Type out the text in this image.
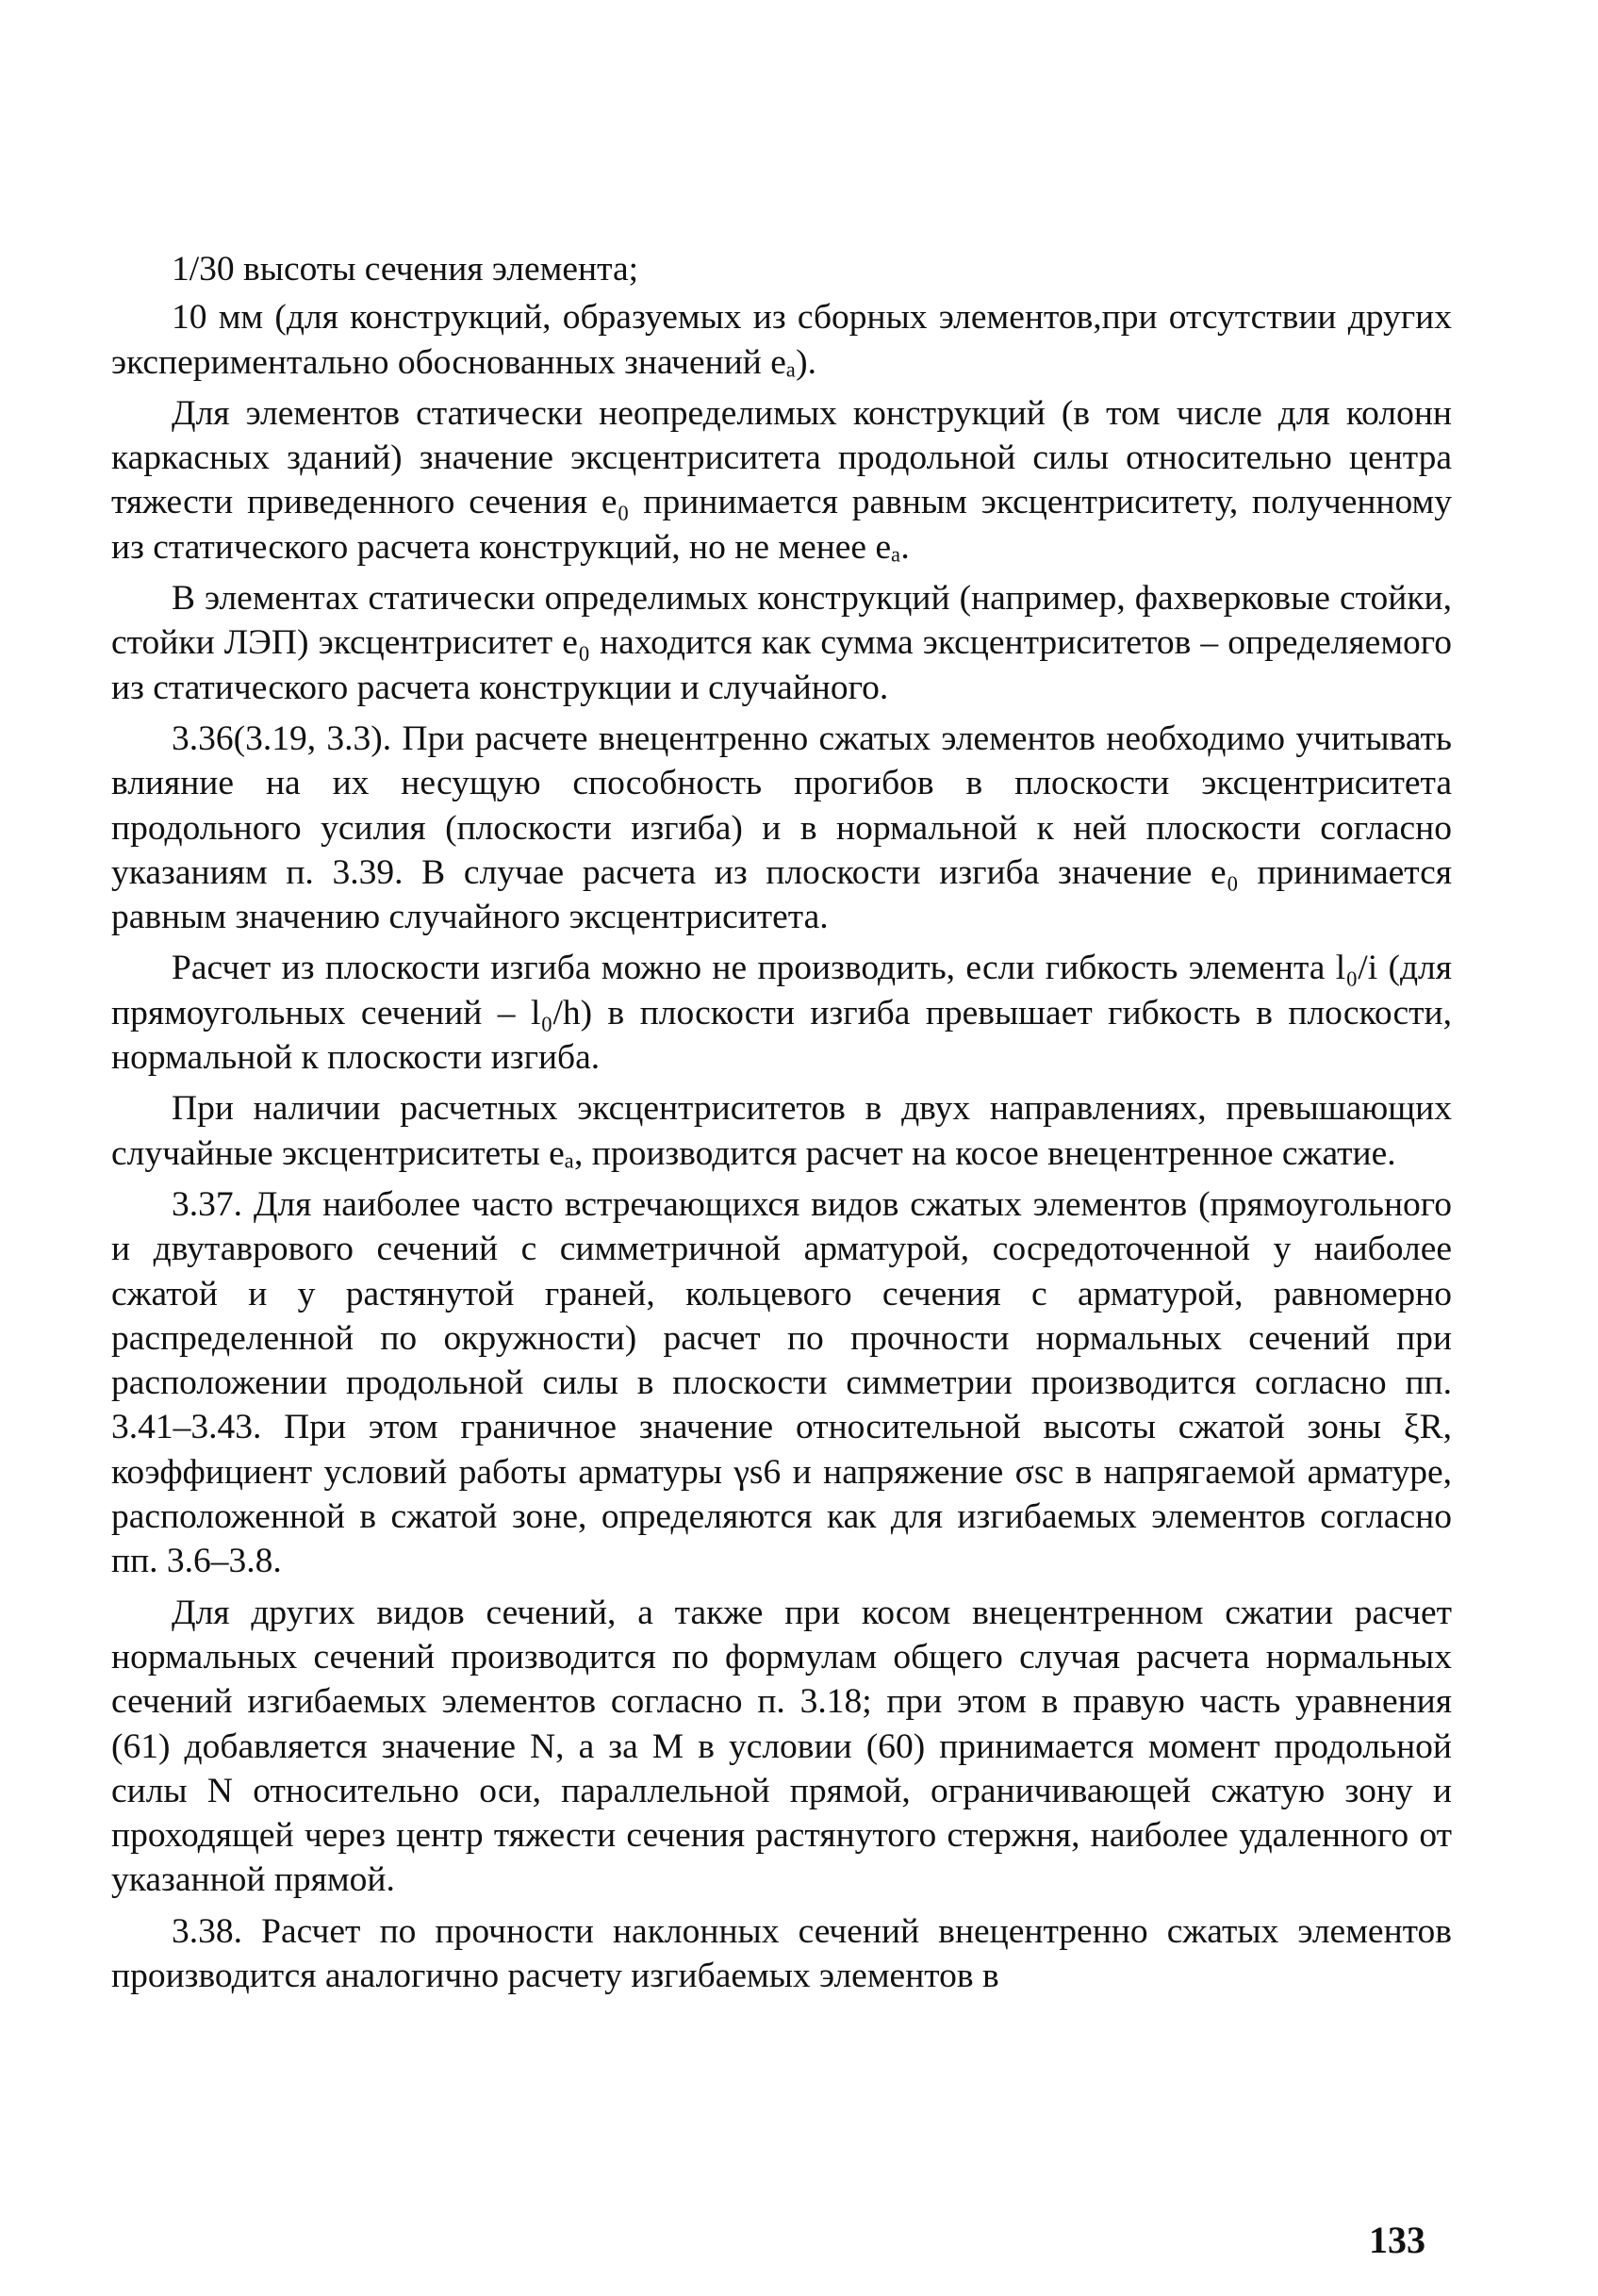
1/30 высоты сечения элемента;

10 мм (для конструкций, образуемых из сборных элементов,при отсутствии других экспериментально обоснованных значений eₐ).

Для элементов статически неопределимых конструкций (в том числе для колонн каркасных зданий) значение эксцентриситета продольной силы относительно центра тяжести приведенного сечения e₀ принимается равным эксцентриситету, полученному из статического расчета конструкций, но не менее eₐ.

В элементах статически определимых конструкций (например, фахверковые стойки, стойки ЛЭП) эксцентриситет e₀ находится как сумма эксцентриситетов – определяемого из статического расчета конструкции и случайного.

3.36(3.19, 3.3). При расчете внецентренно сжатых элементов необходимо учитывать влияние на их несущую способность прогибов в плоскости эксцентриситета продольного усилия (плоскости изгиба) и в нормальной к ней плоскости согласно указаниям п. 3.39. В случае расчета из плоскости изгиба значение e₀ принимается равным значению случайного эксцентриситета.

Расчет из плоскости изгиба можно не производить, если гибкость элемента l₀/i (для прямоугольных сечений – l₀/h) в плоскости изгиба превышает гибкость в плоскости, нормальной к плоскости изгиба.

При наличии расчетных эксцентриситетов в двух направлениях, превышающих случайные эксцентриситеты eₐ, производится расчет на косое внецентренное сжатие.

3.37. Для наиболее часто встречающихся видов сжатых элементов (прямоугольного и двутаврового сечений с симметричной арматурой, сосредоточенной у наиболее сжатой и у растянутой граней, кольцевого сечения с арматурой, равномерно распределенной по окружности) расчет по прочности нормальных сечений при расположении продольной силы в плоскости симметрии производится согласно пп. 3.41–3.43. При этом граничное значение относительной высоты сжатой зоны ξR, коэффициент условий работы арматуры γs6 и напряжение σsc в напрягаемой арматуре, расположенной в сжатой зоне, определяются как для изгибаемых элементов согласно пп. 3.6–3.8.

Для других видов сечений, а также при косом внецентренном сжатии расчет нормальных сечений производится по формулам общего случая расчета нормальных сечений изгибаемых элементов согласно п. 3.18; при этом в правую часть уравнения (61) добавляется значение N, а за M в условии (60) принимается момент продольной силы N относительно оси, параллельной прямой, ограничивающей сжатую зону и проходящей через центр тяжести сечения растянутого стержня, наиболее удаленного от указанной прямой.

3.38. Расчет по прочности наклонных сечений внецентренно сжатых элементов производится аналогично расчету изгибаемых элементов в

133
